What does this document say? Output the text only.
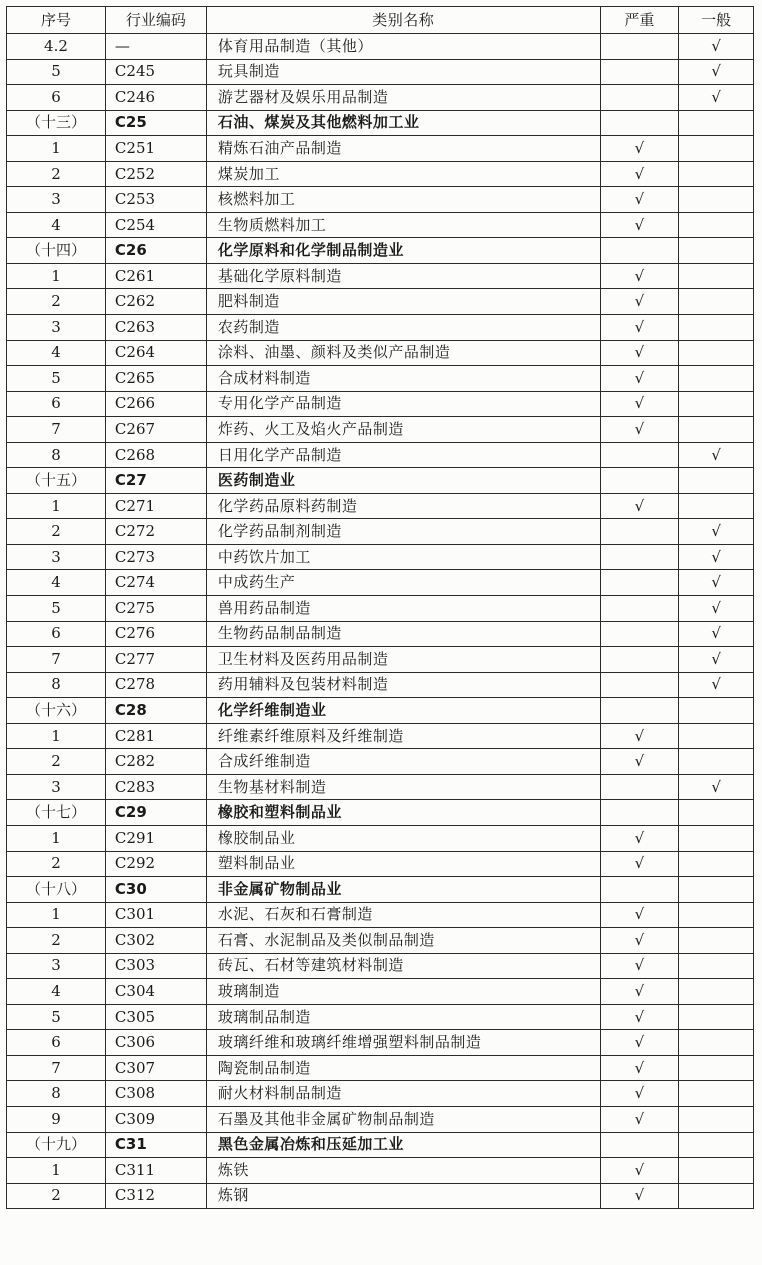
序号	行业编码	类别名称	严重	一般
4.2	—	体育用品制造（其他）		√
5	C245	玩具制造		√
6	C246	游艺器材及娱乐用品制造		√
（十三）	C25	石油、煤炭及其他燃料加工业		
1	C251	精炼石油产品制造	√	
2	C252	煤炭加工	√	
3	C253	核燃料加工	√	
4	C254	生物质燃料加工	√	
（十四）	C26	化学原料和化学制品制造业		
1	C261	基础化学原料制造	√	
2	C262	肥料制造	√	
3	C263	农药制造	√	
4	C264	涂料、油墨、颜料及类似产品制造	√	
5	C265	合成材料制造	√	
6	C266	专用化学产品制造	√	
7	C267	炸药、火工及焰火产品制造	√	
8	C268	日用化学产品制造		√
（十五）	C27	医药制造业		
1	C271	化学药品原料药制造	√	
2	C272	化学药品制剂制造		√
3	C273	中药饮片加工		√
4	C274	中成药生产		√
5	C275	兽用药品制造		√
6	C276	生物药品制品制造		√
7	C277	卫生材料及医药用品制造		√
8	C278	药用辅料及包装材料制造		√
（十六）	C28	化学纤维制造业		
1	C281	纤维素纤维原料及纤维制造	√	
2	C282	合成纤维制造	√	
3	C283	生物基材料制造		√
（十七）	C29	橡胶和塑料制品业		
1	C291	橡胶制品业	√	
2	C292	塑料制品业	√	
（十八）	C30	非金属矿物制品业		
1	C301	水泥、石灰和石膏制造	√	
2	C302	石膏、水泥制品及类似制品制造	√	
3	C303	砖瓦、石材等建筑材料制造	√	
4	C304	玻璃制造	√	
5	C305	玻璃制品制造	√	
6	C306	玻璃纤维和玻璃纤维增强塑料制品制造	√	
7	C307	陶瓷制品制造	√	
8	C308	耐火材料制品制造	√	
9	C309	石墨及其他非金属矿物制品制造	√	
（十九）	C31	黑色金属冶炼和压延加工业		
1	C311	炼铁	√	
2	C312	炼钢	√	
